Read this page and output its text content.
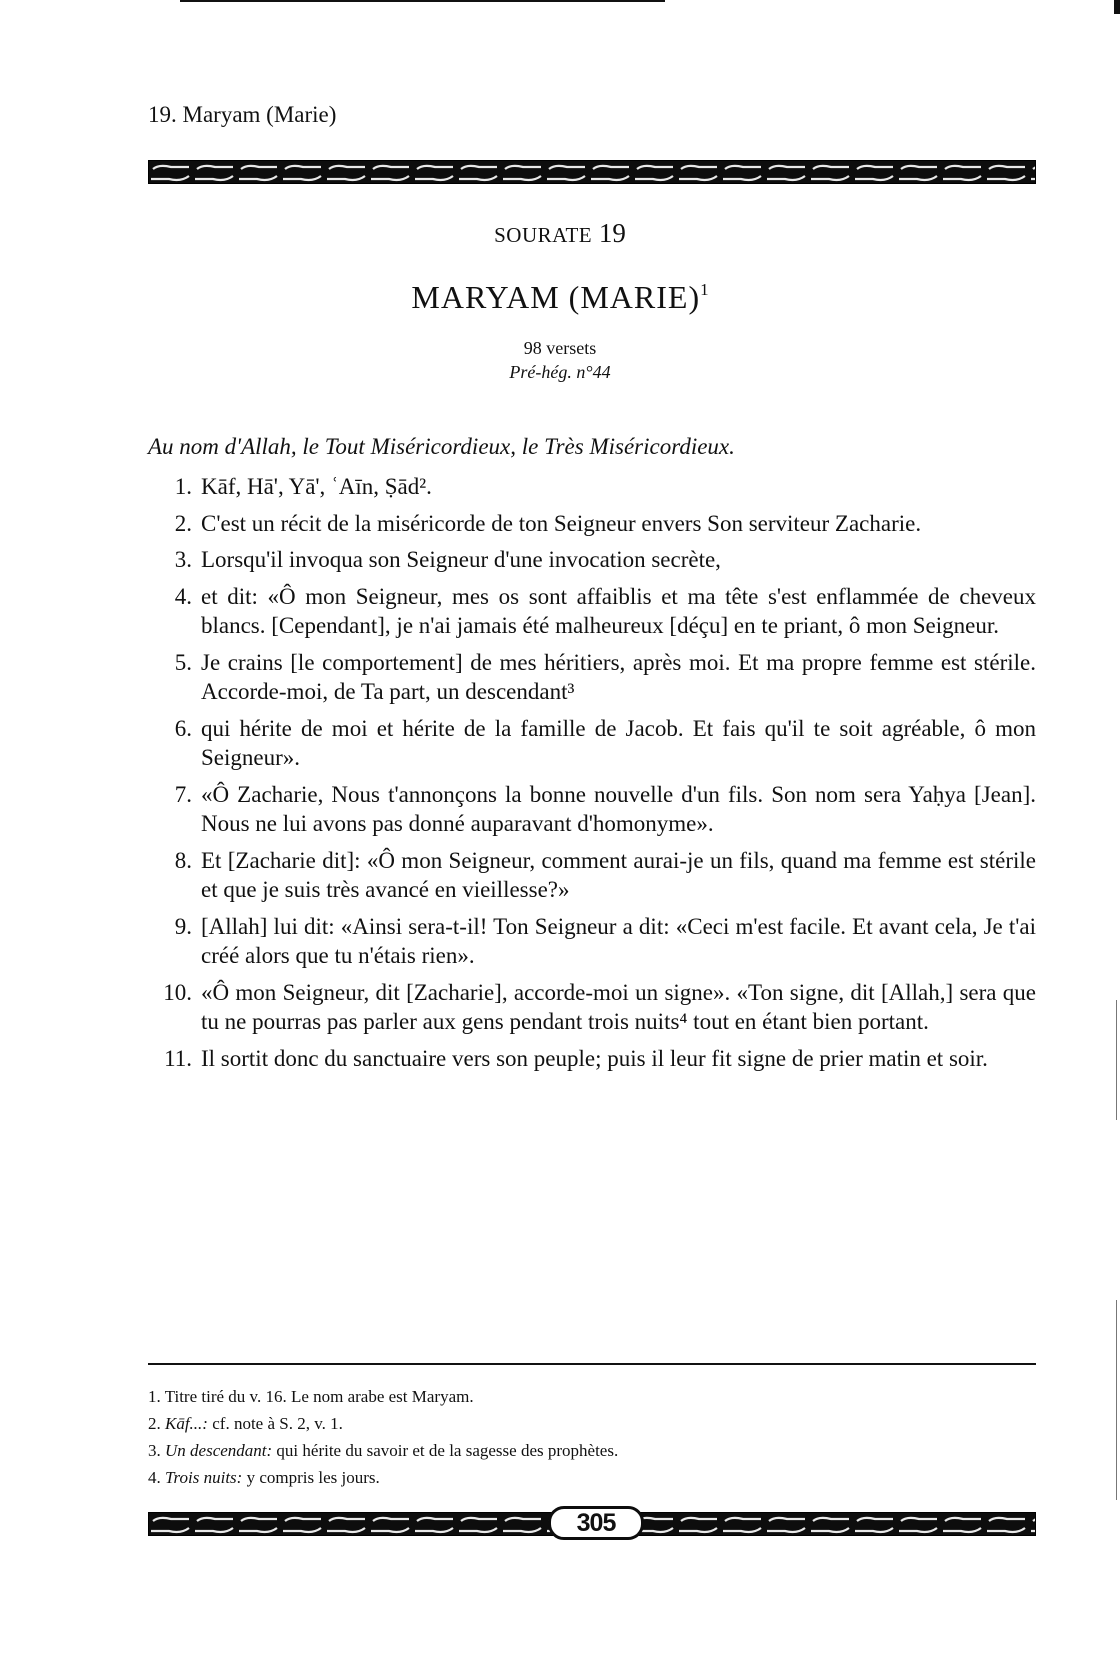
19. Maryam (Marie)
SOURATE 19
MARYAM (MARIE)$^1$
98 versets
Pré-hég. n°44
Au nom d'Allah, le Tout Miséricordieux, le Très Miséricordieux.
1. Kāf, Hā', Yā', ʿAīn, Ṣād².
2. C'est un récit de la miséricorde de ton Seigneur envers Son serviteur Zacharie.
3. Lorsqu'il invoqua son Seigneur d'une invocation secrète,
4. et dit: «Ô mon Seigneur, mes os sont affaiblis et ma tête s'est enflammée de cheveux blancs. [Cependant], je n'ai jamais été malheureux [déçu] en te priant, ô mon Seigneur.
5. Je crains [le comportement] de mes héritiers, après moi. Et ma propre femme est stérile. Accorde-moi, de Ta part, un descendant³
6. qui hérite de moi et hérite de la famille de Jacob. Et fais qu'il te soit agréable, ô mon Seigneur».
7. «Ô Zacharie, Nous t'annonçons la bonne nouvelle d'un fils. Son nom sera Yaḥya [Jean]. Nous ne lui avons pas donné auparavant d'homonyme».
8. Et [Zacharie dit]: «Ô mon Seigneur, comment aurai-je un fils, quand ma femme est stérile et que je suis très avancé en vieillesse?»
9. [Allah] lui dit: «Ainsi sera-t-il! Ton Seigneur a dit: «Ceci m'est facile. Et avant cela, Je t'ai créé alors que tu n'étais rien».
10. «Ô mon Seigneur, dit [Zacharie], accorde-moi un signe». «Ton signe, dit [Allah,] sera que tu ne pourras pas parler aux gens pendant trois nuits⁴ tout en étant bien portant.
11. Il sortit donc du sanctuaire vers son peuple; puis il leur fit signe de prier matin et soir.
1. Titre tiré du v. 16. Le nom arabe est Maryam.
2. Kāf...: cf. note à S. 2, v. 1.
3. Un descendant: qui hérite du savoir et de la sagesse des prophètes.
4. Trois nuits: y compris les jours.
305
